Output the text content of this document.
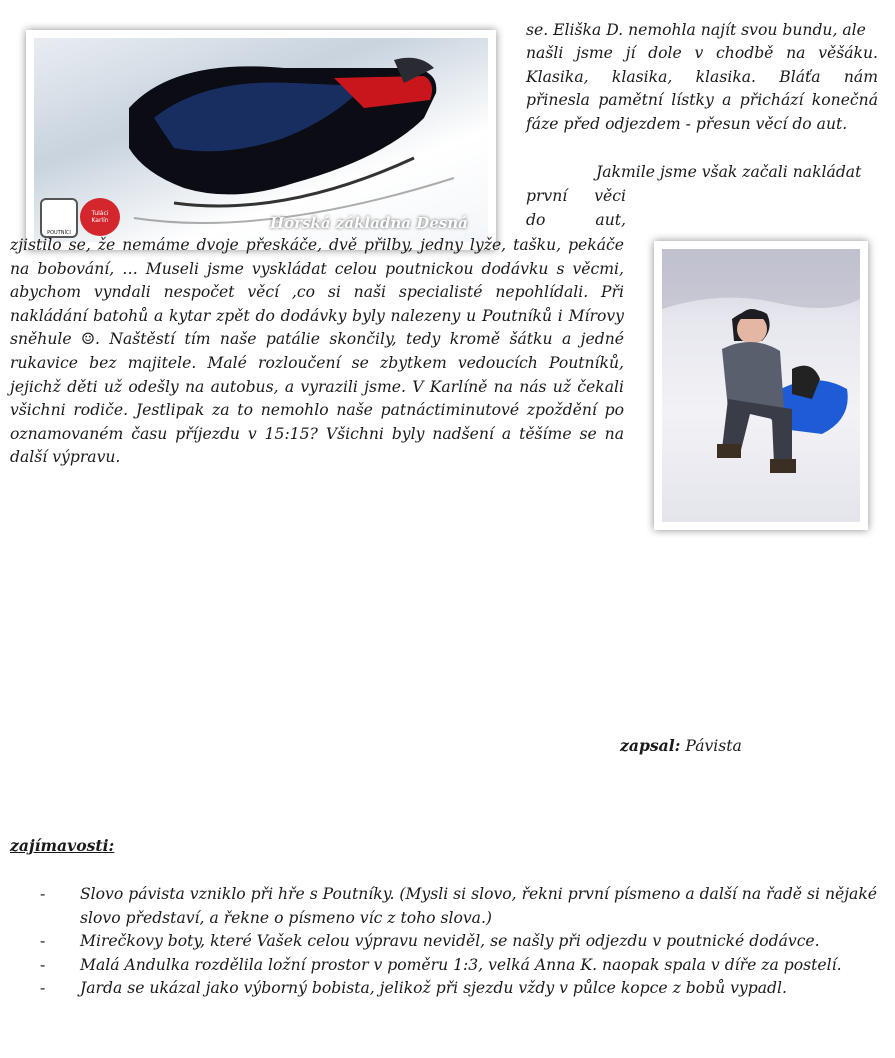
POUTNÍCI
Tuláci Karlín	Horská základna Desná
se. Eliška D. nemohla najít svou bundu, ale
našli jsme jí dole v chodbě na věšáku.
Klasika, klasika, klasika. Bláťa nám
přinesla pamětní lístky a přichází konečná
fáze před odjezdem - přesun věcí do aut.
Jakmile jsme však začali nakládat
první věci
do	aut,
zjistilo se, že nemáme dvoje přeskáče, dvě přilby, jedny lyže, tašku, pekáče na bobování, … Museli jsme vyskládat celou poutnickou dodávku s věcmi, abychom vyndali nespočet věcí ,co si naši specialisté nepohlídali. Při nakládání batohů a kytar zpět do dodávky byly nalezeny u Poutníků i Mírovy sněhule ☺. Naštěstí tím naše patálie skončily, tedy kromě šátku a jedné rukavice bez majitele. Malé rozloučení se zbytkem vedoucích Poutníků, jejichž děti už odešly na autobus, a vyrazili jsme. V Karlíně na nás už čekali všichni rodiče. Jestlipak za to nemohlo naše patnáctiminutové zpoždění po oznamovaném času příjezdu v 15:15? Všichni byly nadšení a těšíme se na další výpravu.
zapsal: Pávista
zajímavosti:
- Slovo pávista vzniklo při hře s Poutníky. (Mysli si slovo, řekni první písmeno a další na řadě si nějaké slovo představí, a řekne o písmeno víc z toho slova.)
- Mirečkovy boty, které Vašek celou výpravu neviděl, se našly při odjezdu v poutnické dodávce.
- Malá Andulka rozdělila ložní prostor v poměru 1:3, velká Anna K. naopak spala v díře za postelí.
- Jarda se ukázal jako výborný bobista, jelikož při sjezdu vždy v půlce kopce z bobů vypadl.
